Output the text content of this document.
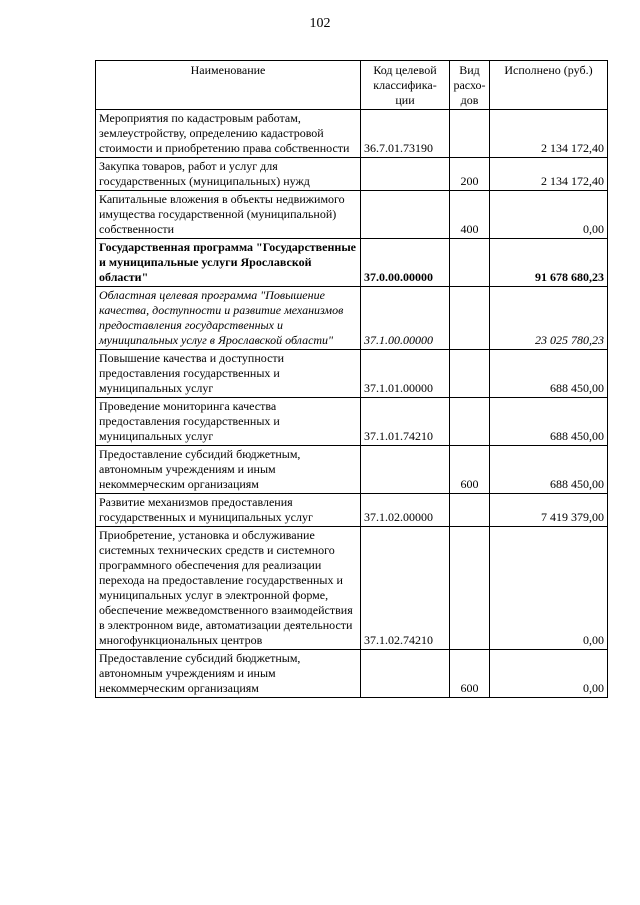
102
Наименование	Код целевой классифика-ции	Вид расхо-дов	Исполнено (руб.)
Мероприятия по кадастровым работам, землеустройству, определению кадастровой стоимости и приобретению права собственности	36.7.01.73190		2 134 172,40
Закупка товаров, работ и услуг для государственных (муниципальных) нужд		200	2 134 172,40
Капитальные вложения в объекты недвижимого имущества государственной (муниципальной) собственности		400	0,00
Государственная программа "Государственные и муниципальные услуги Ярославской области"	37.0.00.00000		91 678 680,23
Областная целевая программа "Повышение качества, доступности и развитие механизмов предоставления государственных и муниципальных услуг в Ярославской области"	37.1.00.00000		23 025 780,23
Повышение качества и доступности предоставления государственных и муниципальных услуг	37.1.01.00000		688 450,00
Проведение мониторинга качества предоставления государственных и муниципальных услуг	37.1.01.74210		688 450,00
Предоставление субсидий бюджетным, автономным учреждениям и иным некоммерческим организациям		600	688 450,00
Развитие механизмов предоставления государственных и муниципальных услуг	37.1.02.00000		7 419 379,00
Приобретение, установка и обслуживание системных технических средств и системного программного обеспечения для реализации перехода на предоставление государственных и муниципальных услуг в электронной форме, обеспечение межведомственного взаимодействия в электронном виде, автоматизации деятельности многофункциональных центров	37.1.02.74210		0,00
Предоставление субсидий бюджетным, автономным учреждениям и иным некоммерческим организациям		600	0,00
